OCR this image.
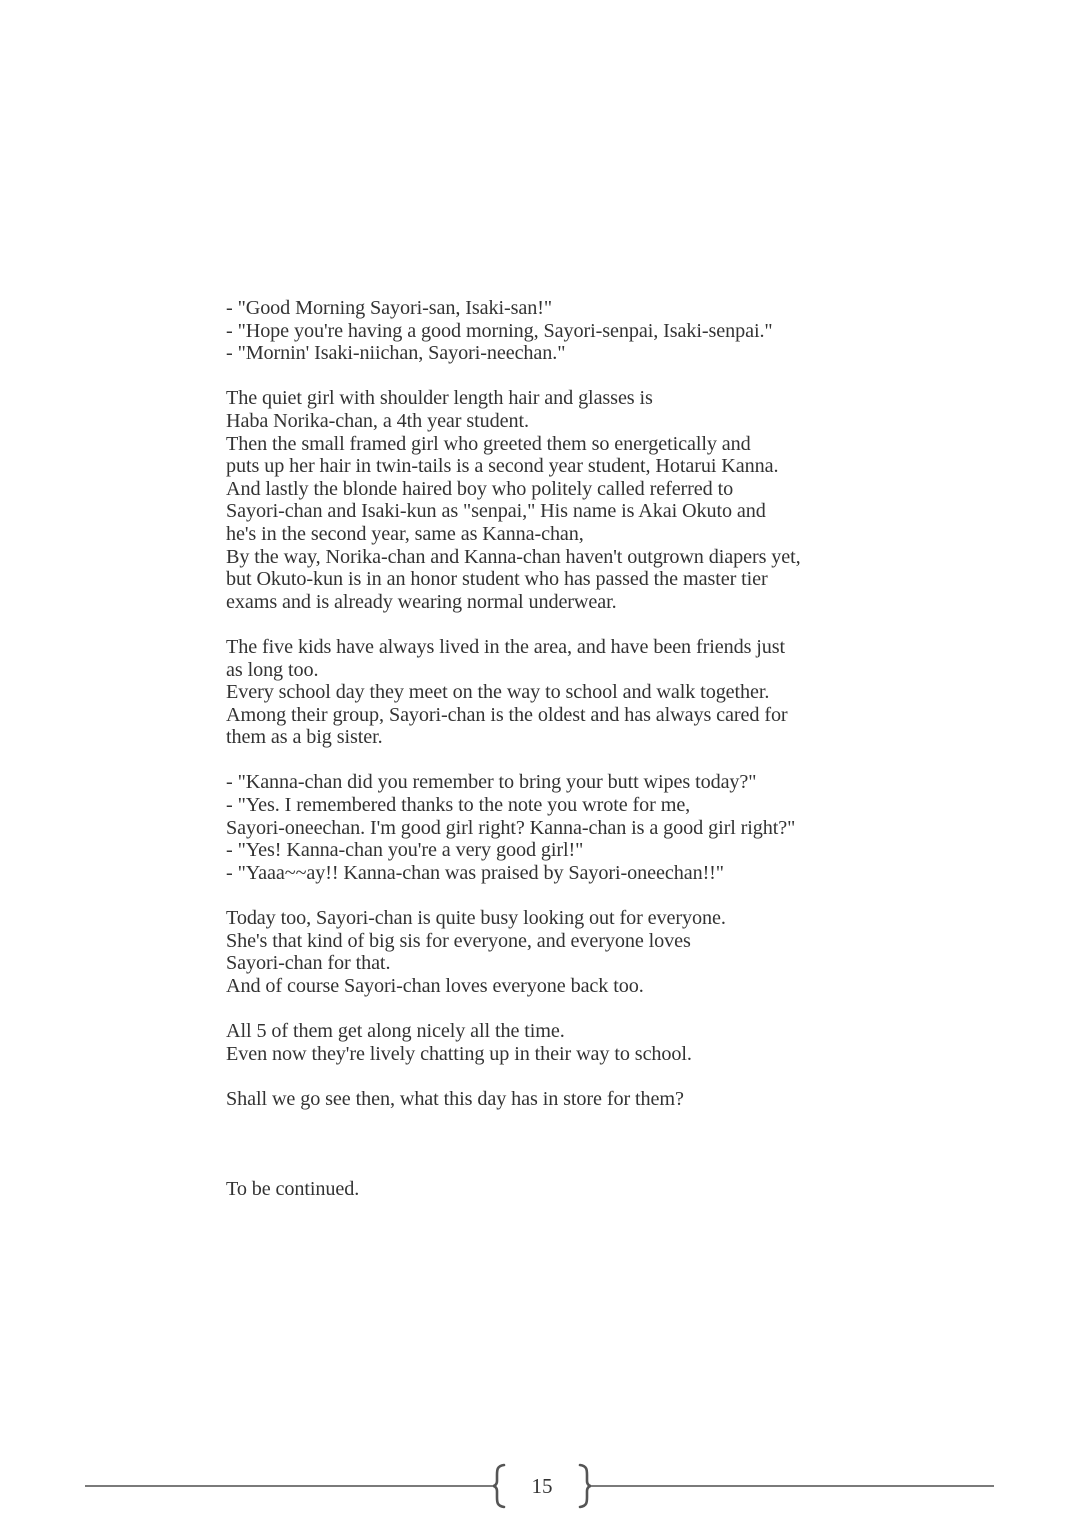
- "Good Morning Sayori-san, Isaki-san!"
- "Hope you're having a good morning, Sayori-senpai, Isaki-senpai."
- "Mornin' Isaki-niichan, Sayori-neechan."
The quiet girl with shoulder length hair and glasses is
Haba Norika-chan, a 4th year student.
Then the small framed girl who greeted them so energetically and
puts up her hair in twin-tails is a second year student, Hotarui Kanna.
And lastly the blonde haired boy who politely called referred to
Sayori-chan and Isaki-kun as "senpai," His name is Akai Okuto and
he's in the second year, same as Kanna-chan,
By the way, Norika-chan and Kanna-chan haven't outgrown diapers yet,
but Okuto-kun is in an honor student who has passed the master tier
exams and is already wearing normal underwear.
The five kids have always lived in the area, and have been friends just
as long too.
Every school day they meet on the way to school and walk together.
Among their group, Sayori-chan is the oldest and has always cared for
them as a big sister.
- "Kanna-chan did you remember to bring your butt wipes today?"
- "Yes. I remembered thanks to the note you wrote for me,
Sayori-oneechan. I'm good girl right? Kanna-chan is a good girl right?"
- "Yes! Kanna-chan you're a very good girl!"
- "Yaaa~~ay!! Kanna-chan was praised by Sayori-oneechan!!"
Today too, Sayori-chan is quite busy looking out for everyone.
She's that kind of big sis for everyone, and everyone loves
Sayori-chan for that.
And of course Sayori-chan loves everyone back too.
All 5 of them get along nicely all the time.
Even now they're lively chatting up in their way to school.
Shall we go see then, what this day has in store for them?
To be continued.
15
